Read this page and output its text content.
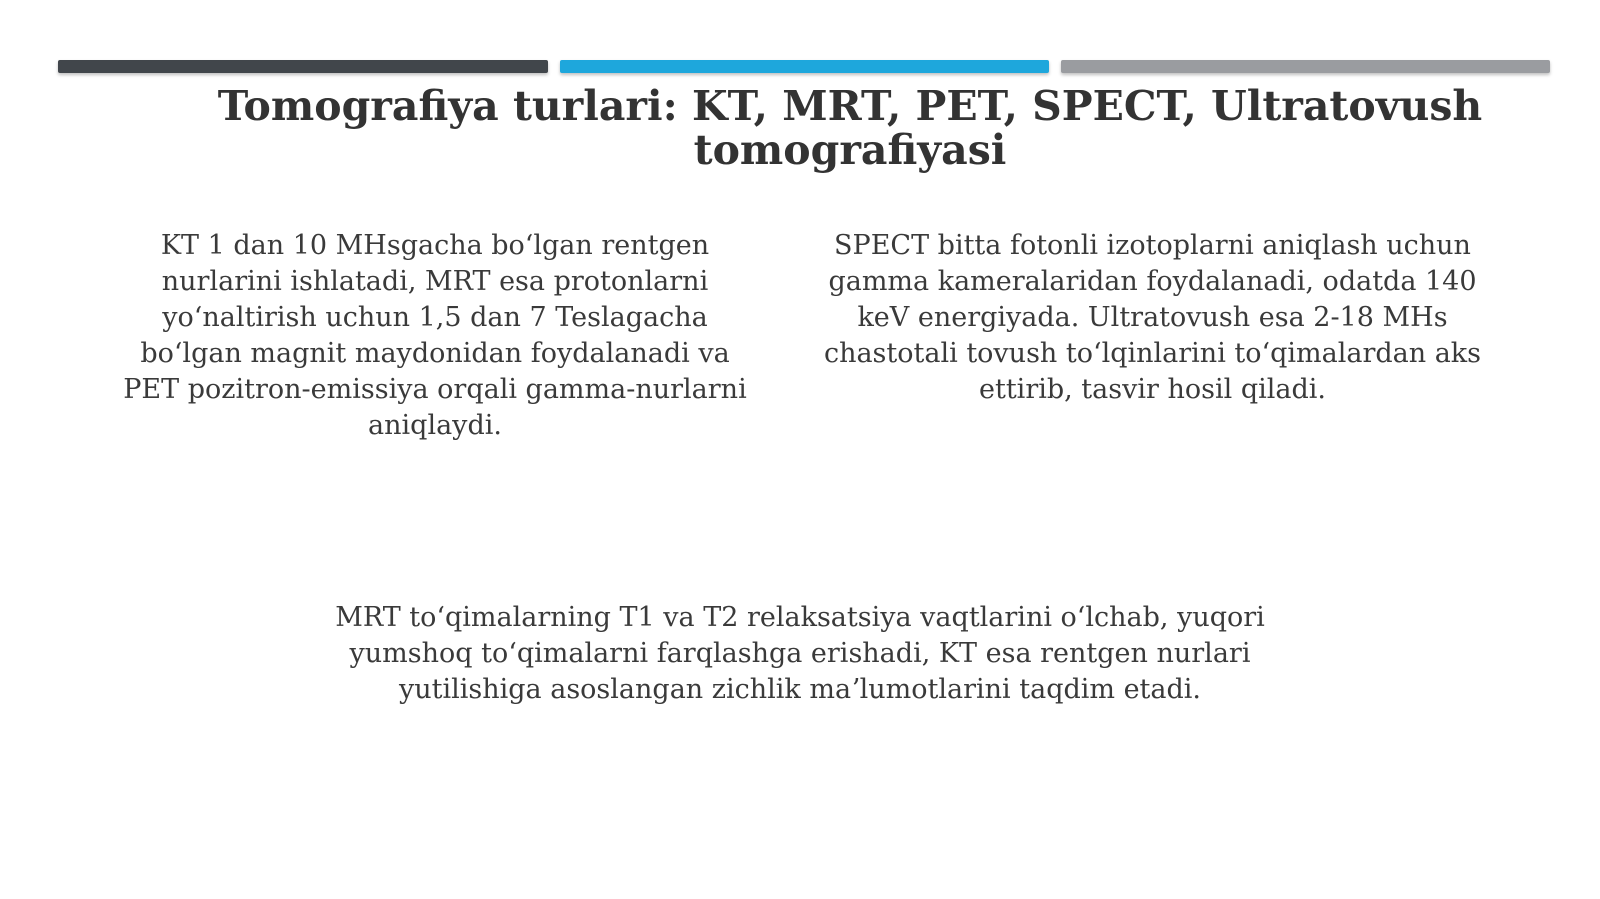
Tomografiya turlari: KT, MRT, PET, SPECT, Ultratovush tomografiyasi

KT 1 dan 10 MHsgacha boʻlgan rentgen nurlarini ishlatadi, MRT esa protonlarni yoʻnaltirish uchun 1,5 dan 7 Teslagacha boʻlgan magnit maydonidan foydalanadi va PET pozitron-emissiya orqali gamma-nurlarni aniqlaydi.

SPECT bitta fotonli izotoplarni aniqlash uchun gamma kameralaridan foydalanadi, odatda 140 keV energiyada. Ultratovush esa 2-18 MHs chastotali tovush toʻlqinlarini toʻqimalardan aks ettirib, tasvir hosil qiladi.

MRT toʻqimalarning T1 va T2 relaksatsiya vaqtlarini oʻlchab, yuqori yumshoq toʻqimalarni farqlashga erishadi, KT esa rentgen nurlari yutilishiga asoslangan zichlik maʼlumotlarini taqdim etadi.
